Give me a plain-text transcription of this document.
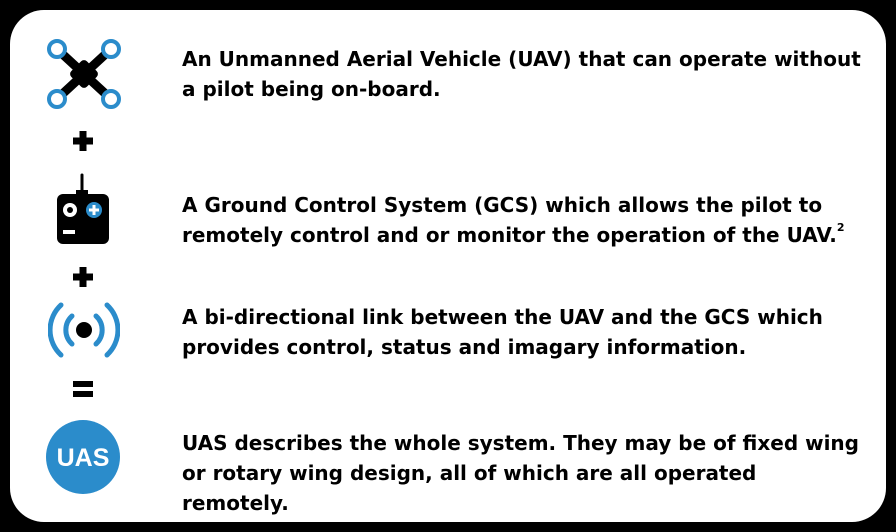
An Unmanned Aerial Vehicle (UAV) that can operate without a pilot being on-board.
A Ground Control System (GCS) which allows the pilot to remotely control and or monitor the operation of the UAV.$^2$
A bi-directional link between the UAV and the GCS which provides control, status and imagary information.
UAS
UAS describes the whole system. They may be of fixed wing or rotary wing design, all of which are all operated remotely.
